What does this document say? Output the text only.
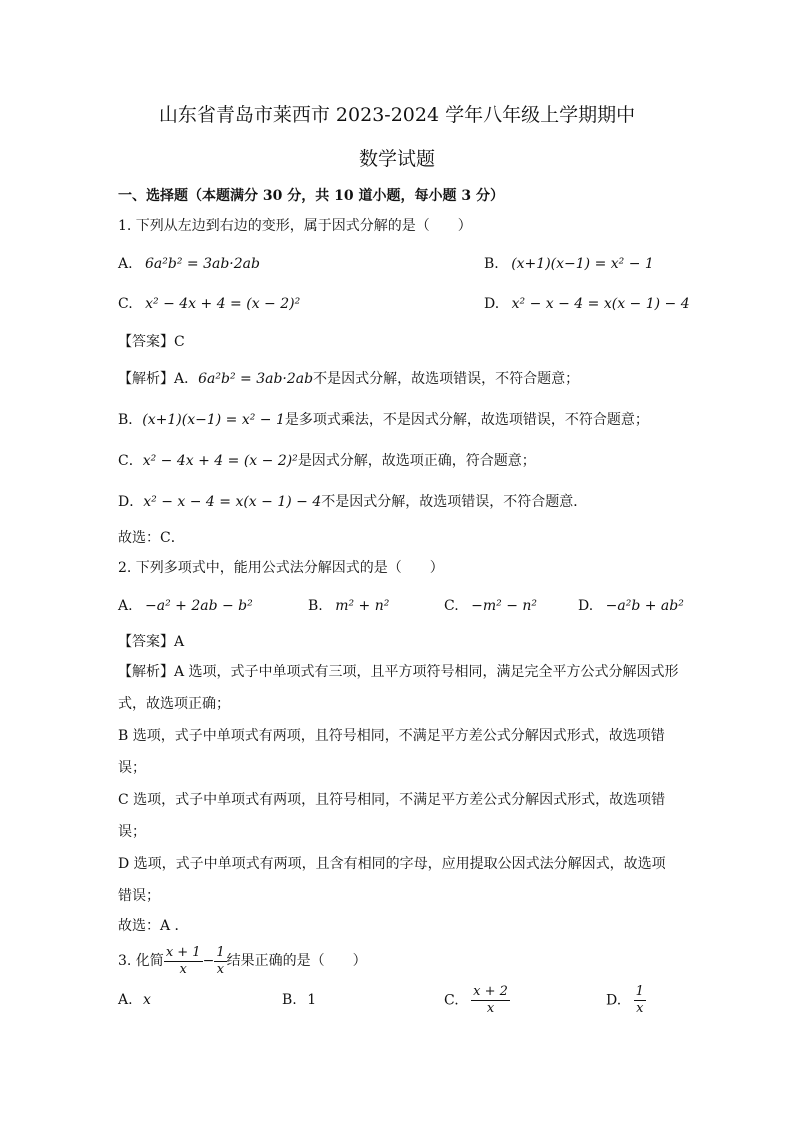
山东省青岛市莱西市 2023-2024 学年八年级上学期期中
数学试题
一、选择题（本题满分 30 分，共 10 道小题，每小题 3 分）
1. 下列从左边到右边的变形，属于因式分解的是（　　）
A. 6a²b² = 3ab·2ab	B. (x+1)(x−1) = x² − 1
C. x² − 4x + 4 = (x − 2)²	D. x² − x − 4 = x(x − 1) − 4
【答案】C
【解析】A．6a²b² = 3ab·2ab不是因式分解，故选项错误，不符合题意；
B．(x+1)(x−1) = x² − 1是多项式乘法，不是因式分解，故选项错误，不符合题意；
C．x² − 4x + 4 = (x − 2)²是因式分解，故选项正确，符合题意；
D．x² − x − 4 = x(x − 1) − 4不是因式分解，故选项错误，不符合题意．
故选：C．
2. 下列多项式中，能用公式法分解因式的是（　　）
A. −a² + 2ab − b²	B. m² + n²	C. −m² − n²	D. −a²b + ab²
【答案】A
【解析】A 选项，式子中单项式有三项，且平方项符号相同，满足完全平方公式分解因式形
式，故选项正确；
B 选项，式子中单项式有两项，且符号相同，不满足平方差公式分解因式形式，故选项错
误；
C 选项，式子中单项式有两项，且符号相同，不满足平方差公式分解因式形式，故选项错
误；
D 选项，式子中单项式有两项，且含有相同的字母，应用提取公因式法分解因式，故选项
错误；
故选：A ．
3. 化简 $\frac{x + 1}{x} - \frac{1}{x}$ 结果正确的是（　　）
A. x	B. 1	C. $\frac{x + 2}{x}$	D. $\frac{1}{x}$
